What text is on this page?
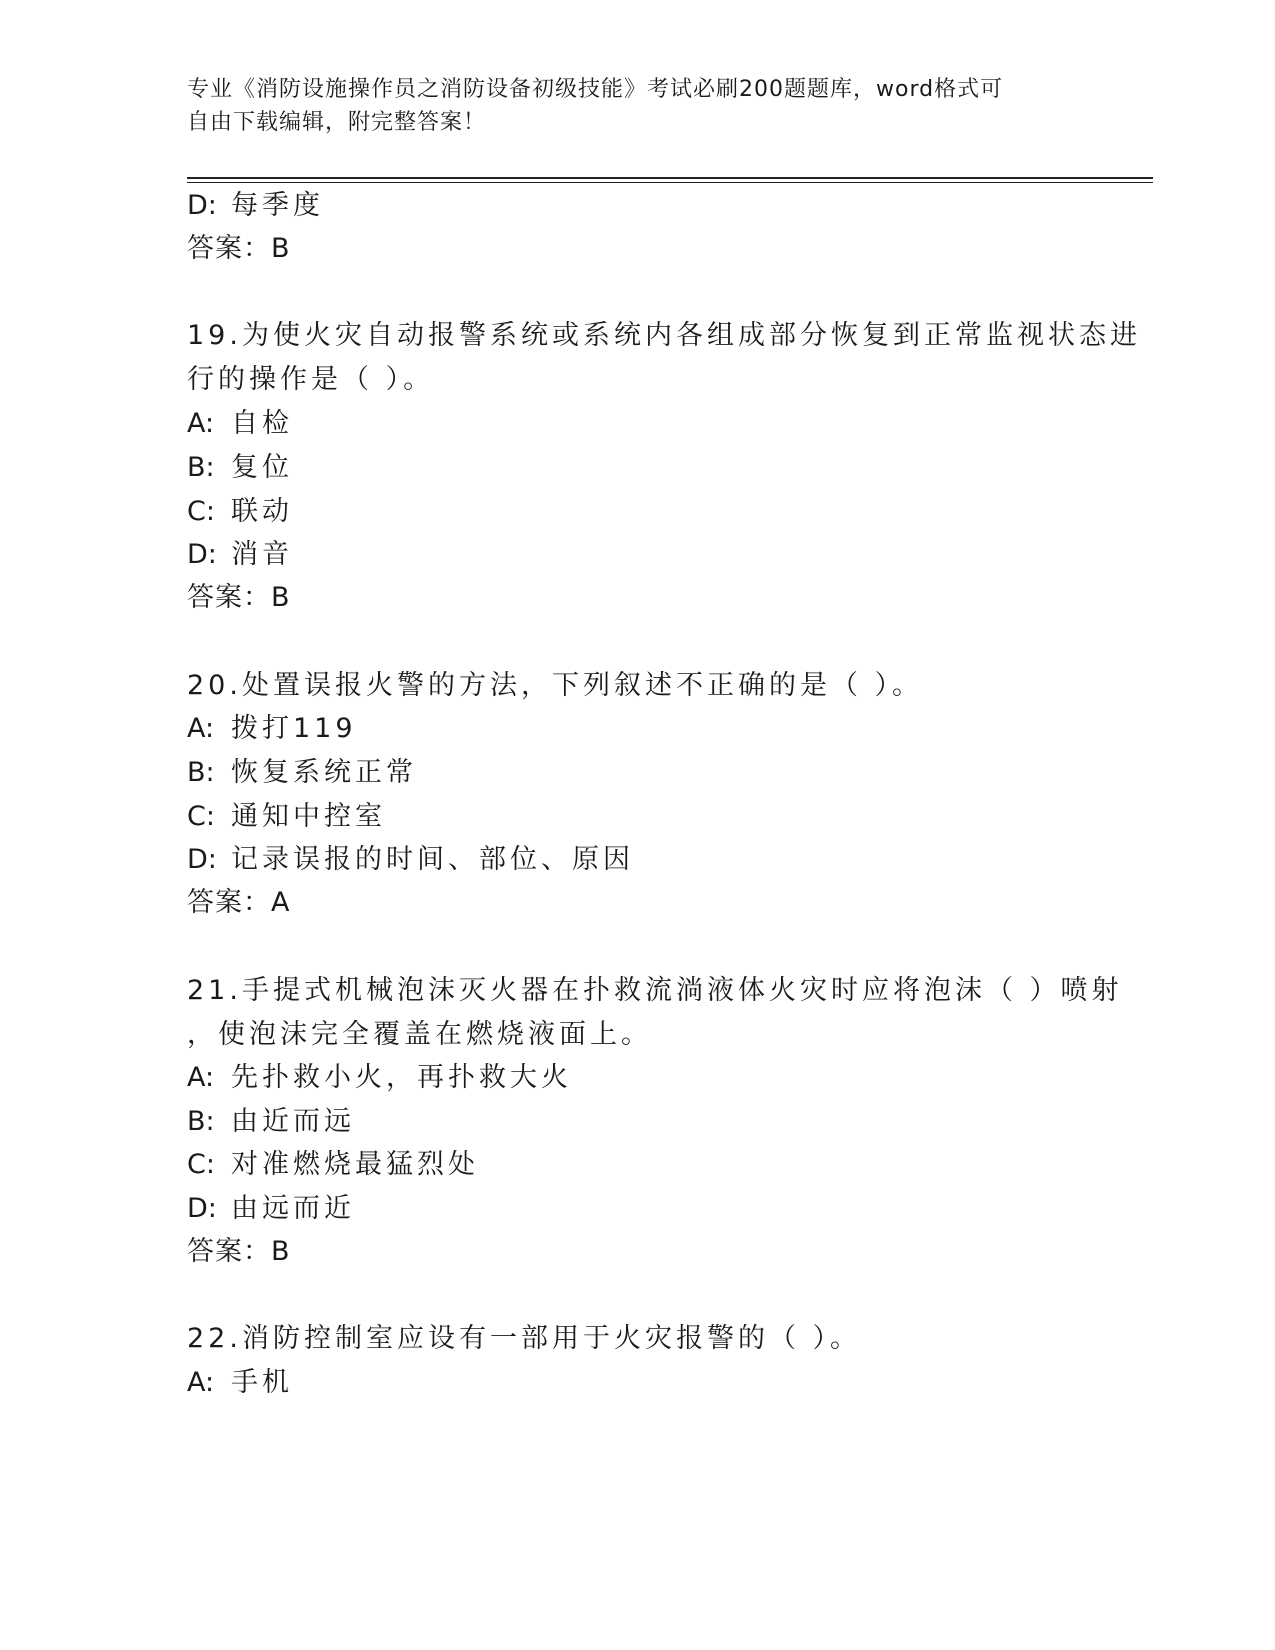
专业《消防设施操作员之消防设备初级技能》考试必刷200题题库，word格式可
自由下载编辑，附完整答案！
D: 每季度
答案：B
19.为使火灾自动报警系统或系统内各组成部分恢复到正常监视状态进
行的操作是（ ）。
A: 自检
B: 复位
C: 联动
D: 消音
答案：B
20.处置误报火警的方法，下列叙述不正确的是（ ）。
A: 拨打119
B: 恢复系统正常
C: 通知中控室
D: 记录误报的时间、部位、原因
答案：A
21.手提式机械泡沫灭火器在扑救流淌液体火灾时应将泡沫（ ）喷射
，使泡沫完全覆盖在燃烧液面上。
A: 先扑救小火，再扑救大火
B: 由近而远
C: 对准燃烧最猛烈处
D: 由远而近
答案：B
22.消防控制室应设有一部用于火灾报警的（ ）。
A: 手机
